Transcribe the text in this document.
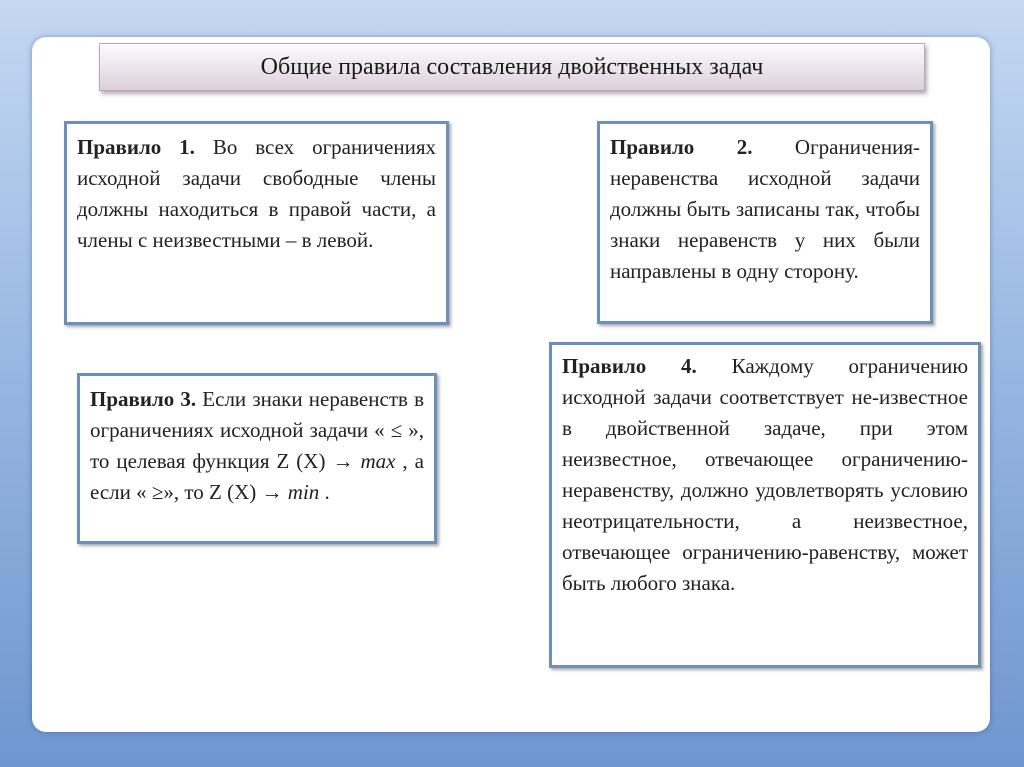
Общие правила составления двойственных задач
Правило 1. Во всех ограничениях исходной задачи свободные члены должны находиться в правой части, а члены с неизвестными – в левой.
Правило 2. Ограничения-неравенства исходной задачи должны быть записаны так, чтобы знаки неравенств у них были направлены в одну сторону.
Правило 3. Если знаки неравенств в ограничениях исходной задачи « ≤ », то целевая функция Z (X) → max , а если « ≥», то Z (X) → min .
Правило 4. Каждому ограничению исходной задачи соответствует не-известное в двойственной задаче, при этом неизвестное, отвечающее ограничению-неравенству, должно удовлетворять условию неотрицательности, а неизвестное, отвечающее ограничению-равенству, может быть любого знака.
